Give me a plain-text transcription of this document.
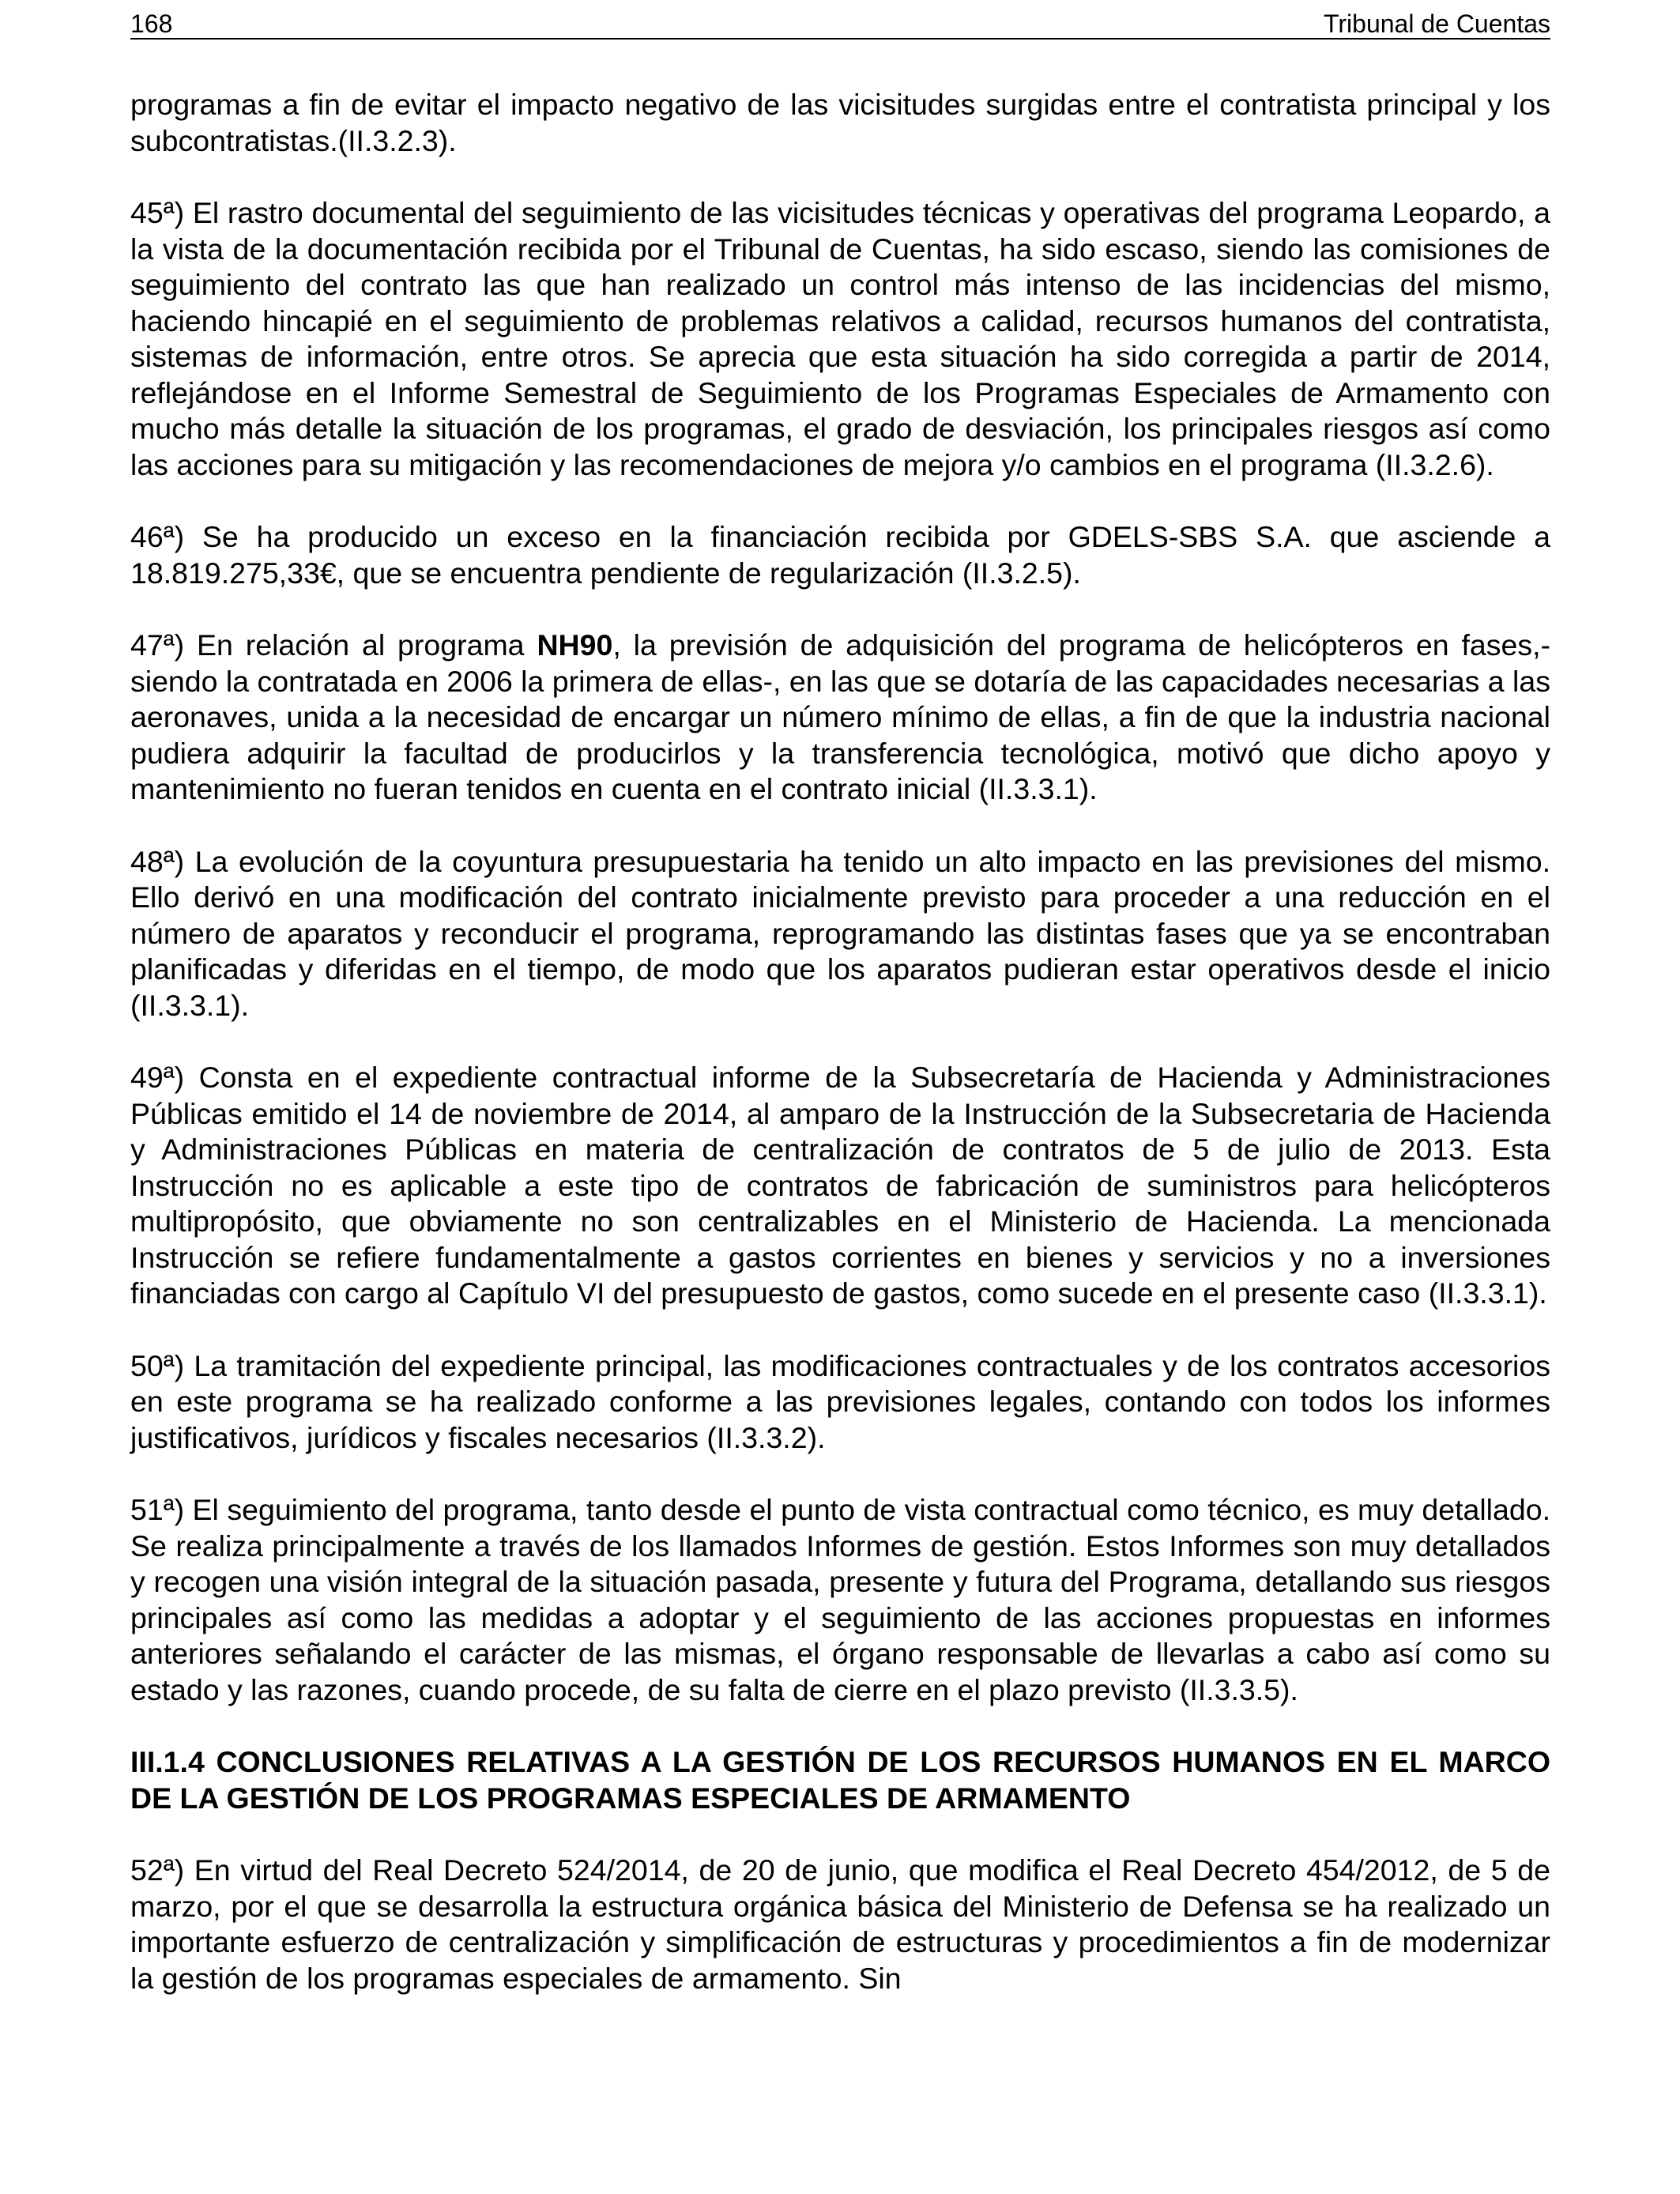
168	Tribunal de Cuentas

programas a fin de evitar el impacto negativo de las vicisitudes surgidas entre el contratista principal y los subcontratistas.(II.3.2.3).

45ª) El rastro documental del seguimiento de las vicisitudes técnicas y operativas del programa Leopardo, a la vista de la documentación recibida por el Tribunal de Cuentas, ha sido escaso, siendo las comisiones de seguimiento del contrato las que han realizado un control más intenso de las incidencias del mismo, haciendo hincapié en el seguimiento de problemas relativos a calidad, recursos humanos del contratista, sistemas de información, entre otros. Se aprecia que esta situación ha sido corregida a partir de 2014, reflejándose en el Informe Semestral de Seguimiento de los Programas Especiales de Armamento con mucho más detalle la situación de los programas, el grado de desviación, los principales riesgos así como las acciones para su mitigación y las recomendaciones de mejora y/o cambios en el programa (II.3.2.6).

46ª) Se ha producido un exceso en la financiación recibida por GDELS-SBS S.A. que asciende a 18.819.275,33€, que se encuentra pendiente de regularización (II.3.2.5).

47ª) En relación al programa NH90, la previsión de adquisición del programa de helicópteros en fases,- siendo la contratada en 2006 la primera de ellas-, en las que se dotaría de las capacidades necesarias a las aeronaves, unida a la necesidad de encargar un número mínimo de ellas, a fin de que la industria nacional pudiera adquirir la facultad de producirlos y la transferencia tecnológica, motivó que dicho apoyo y mantenimiento no fueran tenidos en cuenta en el contrato inicial (II.3.3.1).

48ª) La evolución de la coyuntura presupuestaria ha tenido un alto impacto en las previsiones del mismo. Ello derivó en una modificación del contrato inicialmente previsto para proceder a una reducción en el número de aparatos y reconducir el programa, reprogramando las distintas fases que ya se encontraban planificadas y diferidas en el tiempo, de modo que los aparatos pudieran estar operativos desde el inicio (II.3.3.1).

49ª) Consta en el expediente contractual informe de la Subsecretaría de Hacienda y Administraciones Públicas emitido el 14 de noviembre de 2014, al amparo de la Instrucción de la Subsecretaria de Hacienda y Administraciones Públicas en materia de centralización de contratos de 5 de julio de 2013. Esta Instrucción no es aplicable a este tipo de contratos de fabricación de suministros para helicópteros multipropósito, que obviamente no son centralizables en el Ministerio de Hacienda. La mencionada Instrucción se refiere fundamentalmente a gastos corrientes en bienes y servicios y no a inversiones financiadas con cargo al Capítulo VI del presupuesto de gastos, como sucede en el presente caso (II.3.3.1).

50ª) La tramitación del expediente principal, las modificaciones contractuales y de los contratos accesorios en este programa se ha realizado conforme a las previsiones legales, contando con todos los informes justificativos, jurídicos y fiscales necesarios (II.3.3.2).

51ª) El seguimiento del programa, tanto desde el punto de vista contractual como técnico, es muy detallado. Se realiza principalmente a través de los llamados Informes de gestión. Estos Informes son muy detallados y recogen una visión integral de la situación pasada, presente y futura del Programa, detallando sus riesgos principales así como las medidas a adoptar y el seguimiento de las acciones propuestas en informes anteriores señalando el carácter de las mismas, el órgano responsable de llevarlas a cabo así como su estado y las razones, cuando procede, de su falta de cierre en el plazo previsto (II.3.3.5).

III.1.4 CONCLUSIONES RELATIVAS A LA GESTIÓN DE LOS RECURSOS HUMANOS EN EL MARCO DE LA GESTIÓN DE LOS PROGRAMAS ESPECIALES DE ARMAMENTO

52ª) En virtud del Real Decreto 524/2014, de 20 de junio, que modifica el Real Decreto 454/2012, de 5 de marzo, por el que se desarrolla la estructura orgánica básica del Ministerio de Defensa se ha realizado un importante esfuerzo de centralización y simplificación de estructuras y procedimientos a fin de modernizar la gestión de los programas especiales de armamento. Sin
